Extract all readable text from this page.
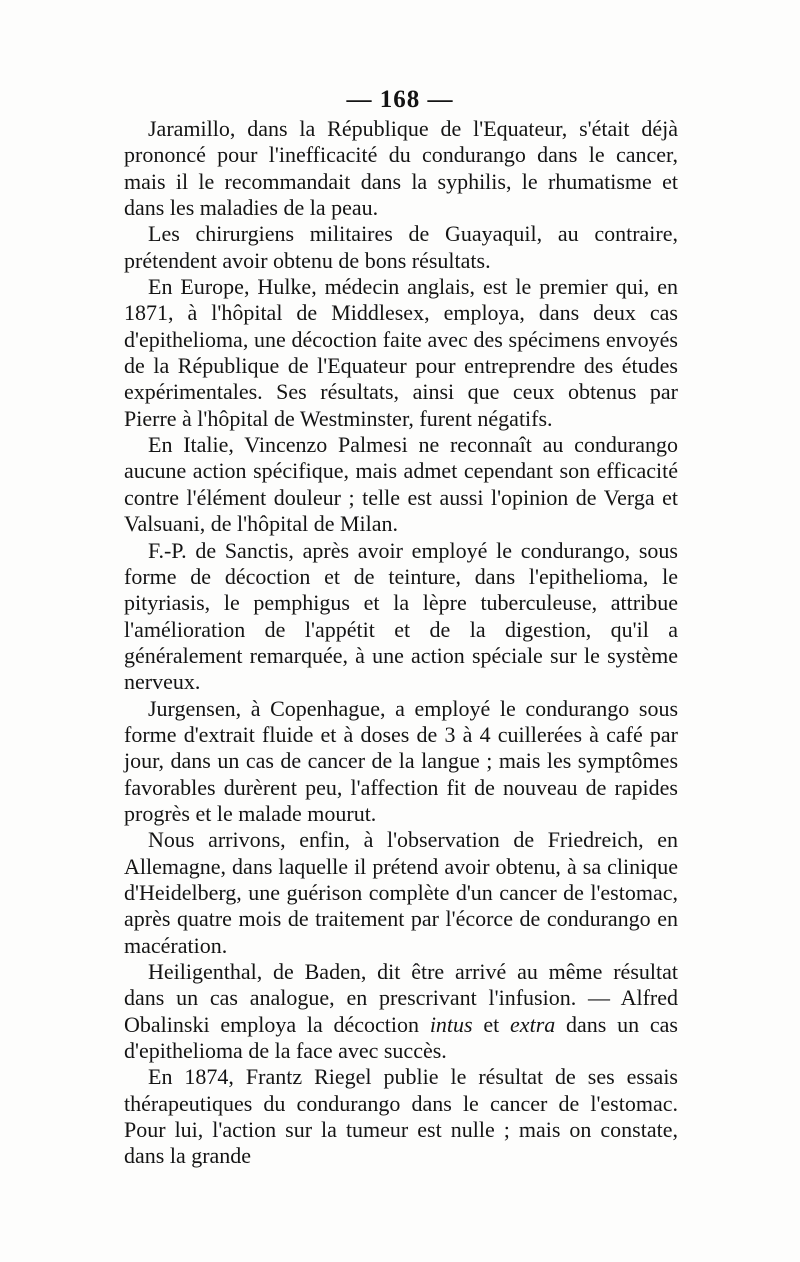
— 168 —

Jaramillo, dans la République de l'Equateur, s'était déjà prononcé pour l'inefficacité du condurango dans le cancer, mais il le recommandait dans la syphilis, le rhumatisme et dans les maladies de la peau.

Les chirurgiens militaires de Guayaquil, au contraire, prétendent avoir obtenu de bons résultats.

En Europe, Hulke, médecin anglais, est le premier qui, en 1871, à l'hôpital de Middlesex, employa, dans deux cas d'epithelioma, une décoction faite avec des spécimens envoyés de la République de l'Equateur pour entreprendre des études expérimentales. Ses résultats, ainsi que ceux obtenus par Pierre à l'hôpital de Westminster, furent négatifs.

En Italie, Vincenzo Palmesi ne reconnaît au condurango aucune action spécifique, mais admet cependant son efficacité contre l'élément douleur ; telle est aussi l'opinion de Verga et Valsuani, de l'hôpital de Milan.

F.-P. de Sanctis, après avoir employé le condurango, sous forme de décoction et de teinture, dans l'epithelioma, le pityriasis, le pemphigus et la lèpre tuberculeuse, attribue l'amélioration de l'appétit et de la digestion, qu'il a généralement remarquée, à une action spéciale sur le système nerveux.

Jurgensen, à Copenhague, a employé le condurango sous forme d'extrait fluide et à doses de 3 à 4 cuillerées à café par jour, dans un cas de cancer de la langue ; mais les symptômes favorables durèrent peu, l'affection fit de nouveau de rapides progrès et le malade mourut.

Nous arrivons, enfin, à l'observation de Friedreich, en Allemagne, dans laquelle il prétend avoir obtenu, à sa clinique d'Heidelberg, une guérison complète d'un cancer de l'estomac, après quatre mois de traitement par l'écorce de condurango en macération.

Heiligenthal, de Baden, dit être arrivé au même résultat dans un cas analogue, en prescrivant l'infusion. — Alfred Obalinski employa la décoction intus et extra dans un cas d'epithelioma de la face avec succès.

En 1874, Frantz Riegel publie le résultat de ses essais thérapeutiques du condurango dans le cancer de l'estomac. Pour lui, l'action sur la tumeur est nulle ; mais on constate, dans la grande
